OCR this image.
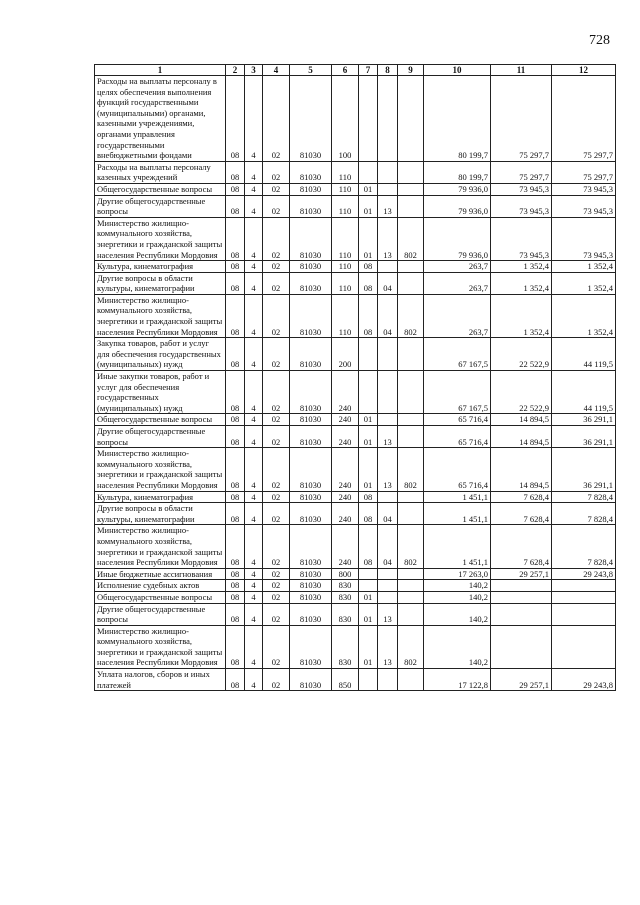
728
1	2	3	4	5	6	7	8	9	10	11	12
Расходы на выплаты персоналу в целях обеспечения выполнения функций государственными (муниципальными) органами, казенными учреждениями, органами управления государственными внебюджетными фондами	08	4	02	81030	100				80 199,7	75 297,7	75 297,7
Расходы на выплаты персоналу казенных учреждений	08	4	02	81030	110				80 199,7	75 297,7	75 297,7
Общегосударственные вопросы	08	4	02	81030	110	01			79 936,0	73 945,3	73 945,3
Другие общегосударственные вопросы	08	4	02	81030	110	01	13		79 936,0	73 945,3	73 945,3
Министерство жилищно-коммунального хозяйства, энергетики и гражданской защиты населения Республики Мордовия	08	4	02	81030	110	01	13	802	79 936,0	73 945,3	73 945,3
Культура, кинематография	08	4	02	81030	110	08			263,7	1 352,4	1 352,4
Другие вопросы в области культуры, кинематографии	08	4	02	81030	110	08	04		263,7	1 352,4	1 352,4
Министерство жилищно-коммунального хозяйства, энергетики и гражданской защиты населения Республики Мордовия	08	4	02	81030	110	08	04	802	263,7	1 352,4	1 352,4
Закупка товаров, работ и услуг для обеспечения государственных (муниципальных) нужд	08	4	02	81030	200				67 167,5	22 522,9	44 119,5
Иные закупки товаров, работ и услуг для обеспечения государственных (муниципальных) нужд	08	4	02	81030	240				67 167,5	22 522,9	44 119,5
Общегосударственные вопросы	08	4	02	81030	240	01			65 716,4	14 894,5	36 291,1
Другие общегосударственные вопросы	08	4	02	81030	240	01	13		65 716,4	14 894,5	36 291,1
Министерство жилищно-коммунального хозяйства, энергетики и гражданской защиты населения Республики Мордовия	08	4	02	81030	240	01	13	802	65 716,4	14 894,5	36 291,1
Культура, кинематография	08	4	02	81030	240	08			1 451,1	7 628,4	7 828,4
Другие вопросы в области культуры, кинематографии	08	4	02	81030	240	08	04		1 451,1	7 628,4	7 828,4
Министерство жилищно-коммунального хозяйства, энергетики и гражданской защиты населения Республики Мордовия	08	4	02	81030	240	08	04	802	1 451,1	7 628,4	7 828,4
Иные бюджетные ассигнования	08	4	02	81030	800				17 263,0	29 257,1	29 243,8
Исполнение судебных актов	08	4	02	81030	830				140,2		
Общегосударственные вопросы	08	4	02	81030	830	01			140,2		
Другие общегосударственные вопросы	08	4	02	81030	830	01	13		140,2		
Министерство жилищно-коммунального хозяйства, энергетики и гражданской защиты населения Республики Мордовия	08	4	02	81030	830	01	13	802	140,2		
Уплата налогов, сборов и иных платежей	08	4	02	81030	850				17 122,8	29 257,1	29 243,8
